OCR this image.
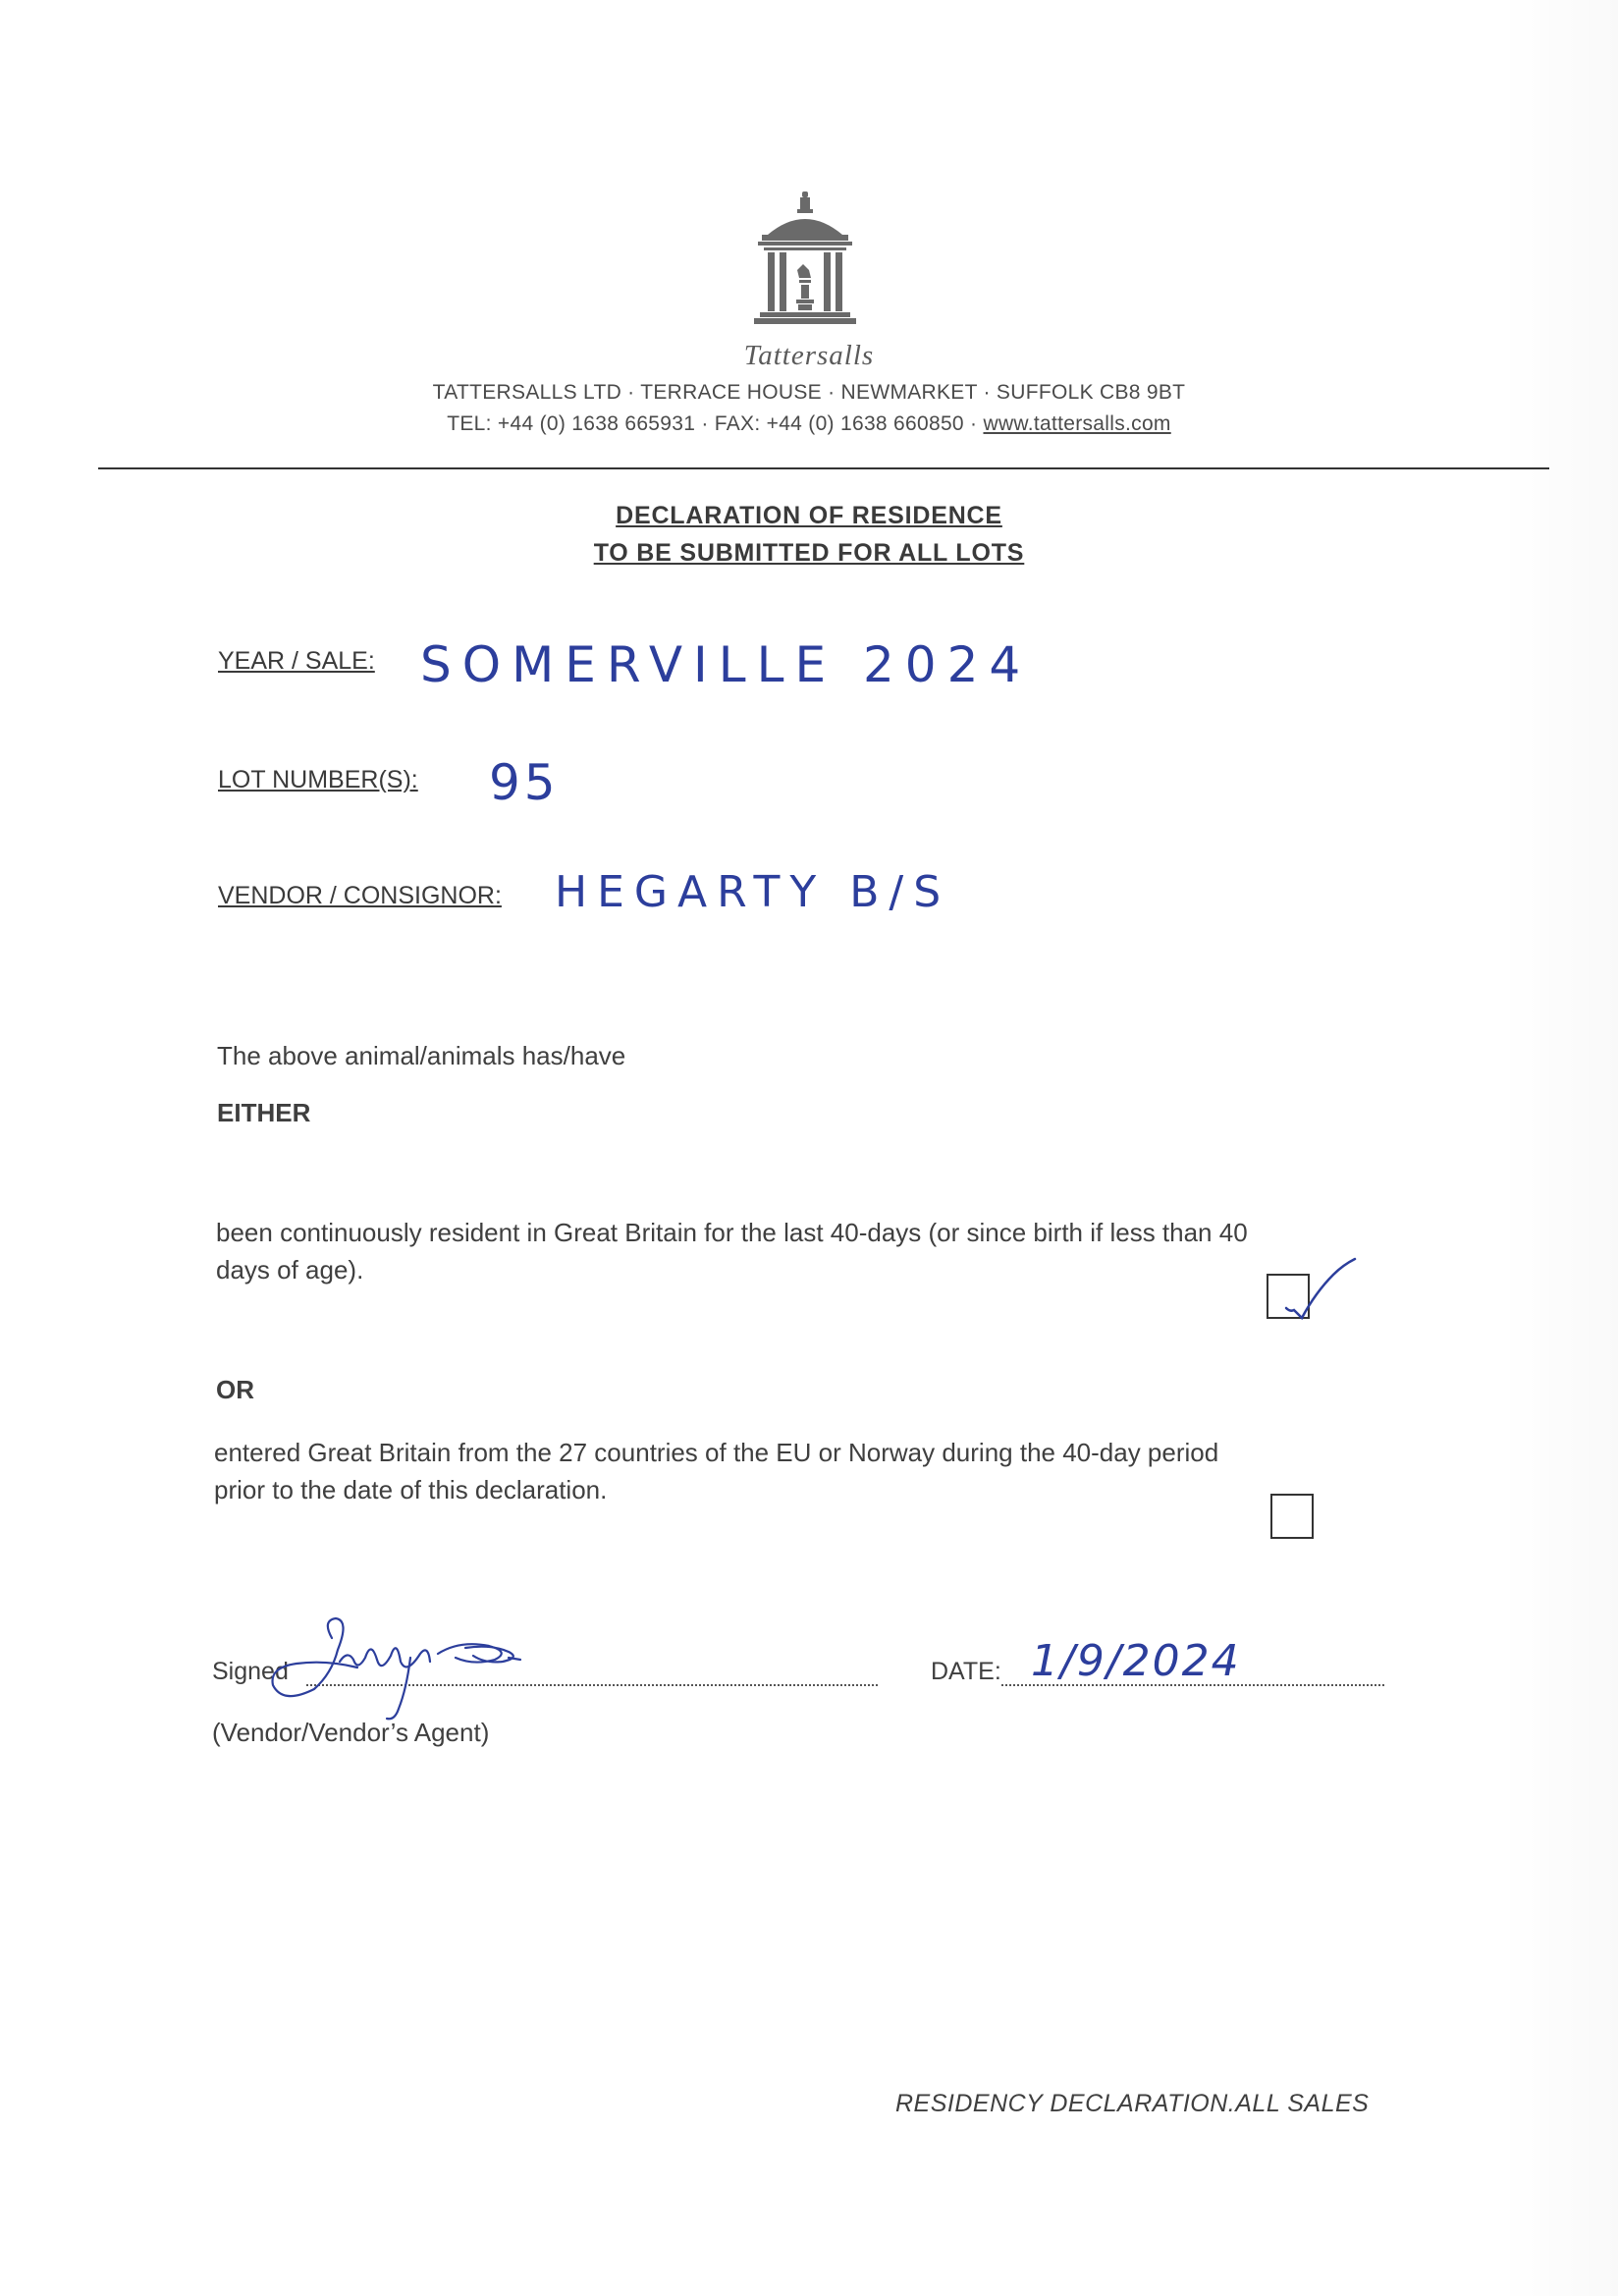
Tattersalls
TATTERSALLS LTD · TERRACE HOUSE · NEWMARKET · SUFFOLK CB8 9BT
TEL: +44 (0) 1638 665931 · FAX: +44 (0) 1638 660850 · www.tattersalls.com
DECLARATION OF RESIDENCE
TO BE SUBMITTED FOR ALL LOTS
YEAR / SALE: SOMERVILLE 2024
LOT NUMBER(S): 95
VENDOR / CONSIGNOR: HEGARTY B/S
The above animal/animals has/have
EITHER
been continuously resident in Great Britain for the last 40-days (or since birth if less than 40
days of age).
OR
entered Great Britain from the 27 countries of the EU or Norway during the 40-day period
prior to the date of this declaration.
Signed	DATE: 1/9/2024
(Vendor/Vendor’s Agent)
RESIDENCY DECLARATION.ALL SALES
